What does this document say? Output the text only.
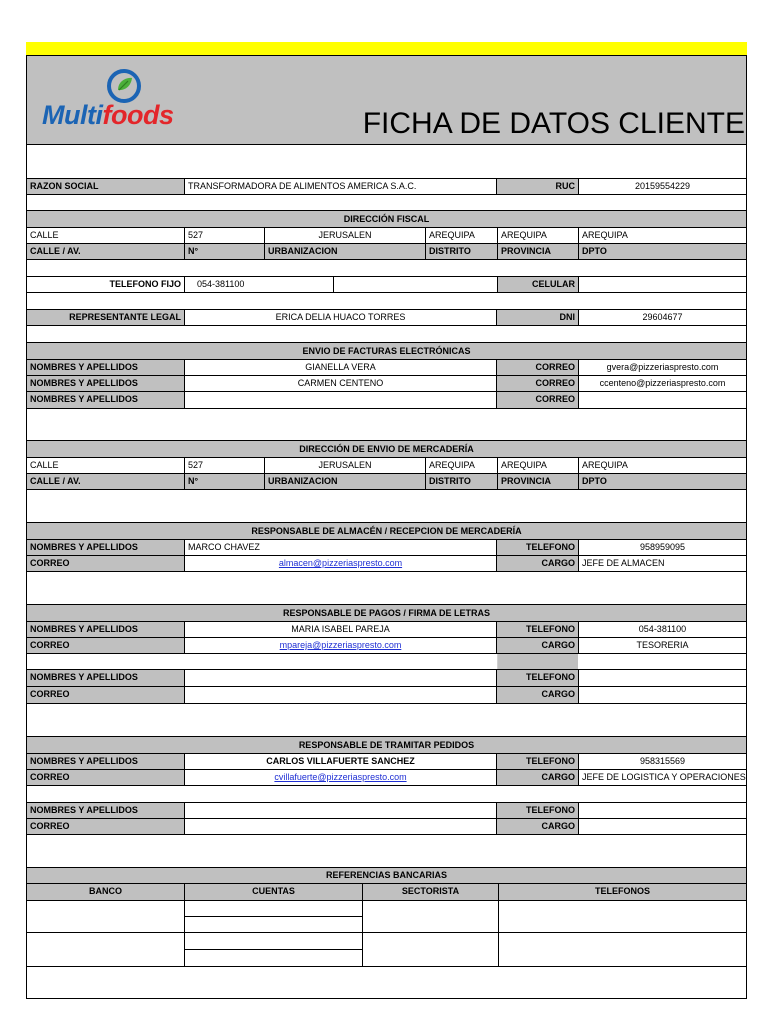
Multifoods	FICHA DE DATOS CLIENTE
RAZON SOCIAL	TRANSFORMADORA DE ALIMENTOS AMERICA S.A.C.	RUC	20159554229
DIRECCIÓN FISCAL
CALLE	527	JERUSALEN	AREQUIPA	AREQUIPA	AREQUIPA
CALLE / AV.	N°	URBANIZACION	DISTRITO	PROVINCIA	DPTO
TELEFONO FIJO	054-381100	CELULAR
REPRESENTANTE LEGAL	ERICA DELIA HUACO TORRES	DNI	29604677
ENVIO DE FACTURAS ELECTRÓNICAS
NOMBRES Y APELLIDOS	GIANELLA VERA	CORREO	gvera@pizzeriaspresto.com
NOMBRES Y APELLIDOS	CARMEN CENTENO	CORREO	ccenteno@pizzeriaspresto.com
NOMBRES Y APELLIDOS	CORREO
DIRECCIÓN DE ENVIO DE MERCADERÍA
CALLE	527	JERUSALEN	AREQUIPA	AREQUIPA	AREQUIPA
CALLE / AV.	N°	URBANIZACION	DISTRITO	PROVINCIA	DPTO
RESPONSABLE DE ALMACÉN / RECEPCION DE MERCADERÍA
NOMBRES Y APELLIDOS	MARCO CHAVEZ	TELEFONO	958959095
CORREO	almacen@pizzeriaspresto.com	CARGO JEFE DE ALMACEN
RESPONSABLE DE PAGOS / FIRMA DE LETRAS
NOMBRES Y APELLIDOS	MARIA ISABEL PAREJA	TELEFONO	054-381100
CORREO	mpareja@pizzeriaspresto.com	CARGO	TESORERIA
NOMBRES Y APELLIDOS	TELEFONO
CORREO	CARGO
RESPONSABLE DE TRAMITAR PEDIDOS
NOMBRES Y APELLIDOS	CARLOS VILLAFUERTE SANCHEZ	TELEFONO	958315569
CORREO	cvillafuerte@pizzeriaspresto.com	CARGO JEFE DE LOGISTICA Y OPERACIONES
NOMBRES Y APELLIDOS	TELEFONO
CORREO	CARGO
REFERENCIAS BANCARIAS
BANCO	CUENTAS	SECTORISTA	TELEFONOS
